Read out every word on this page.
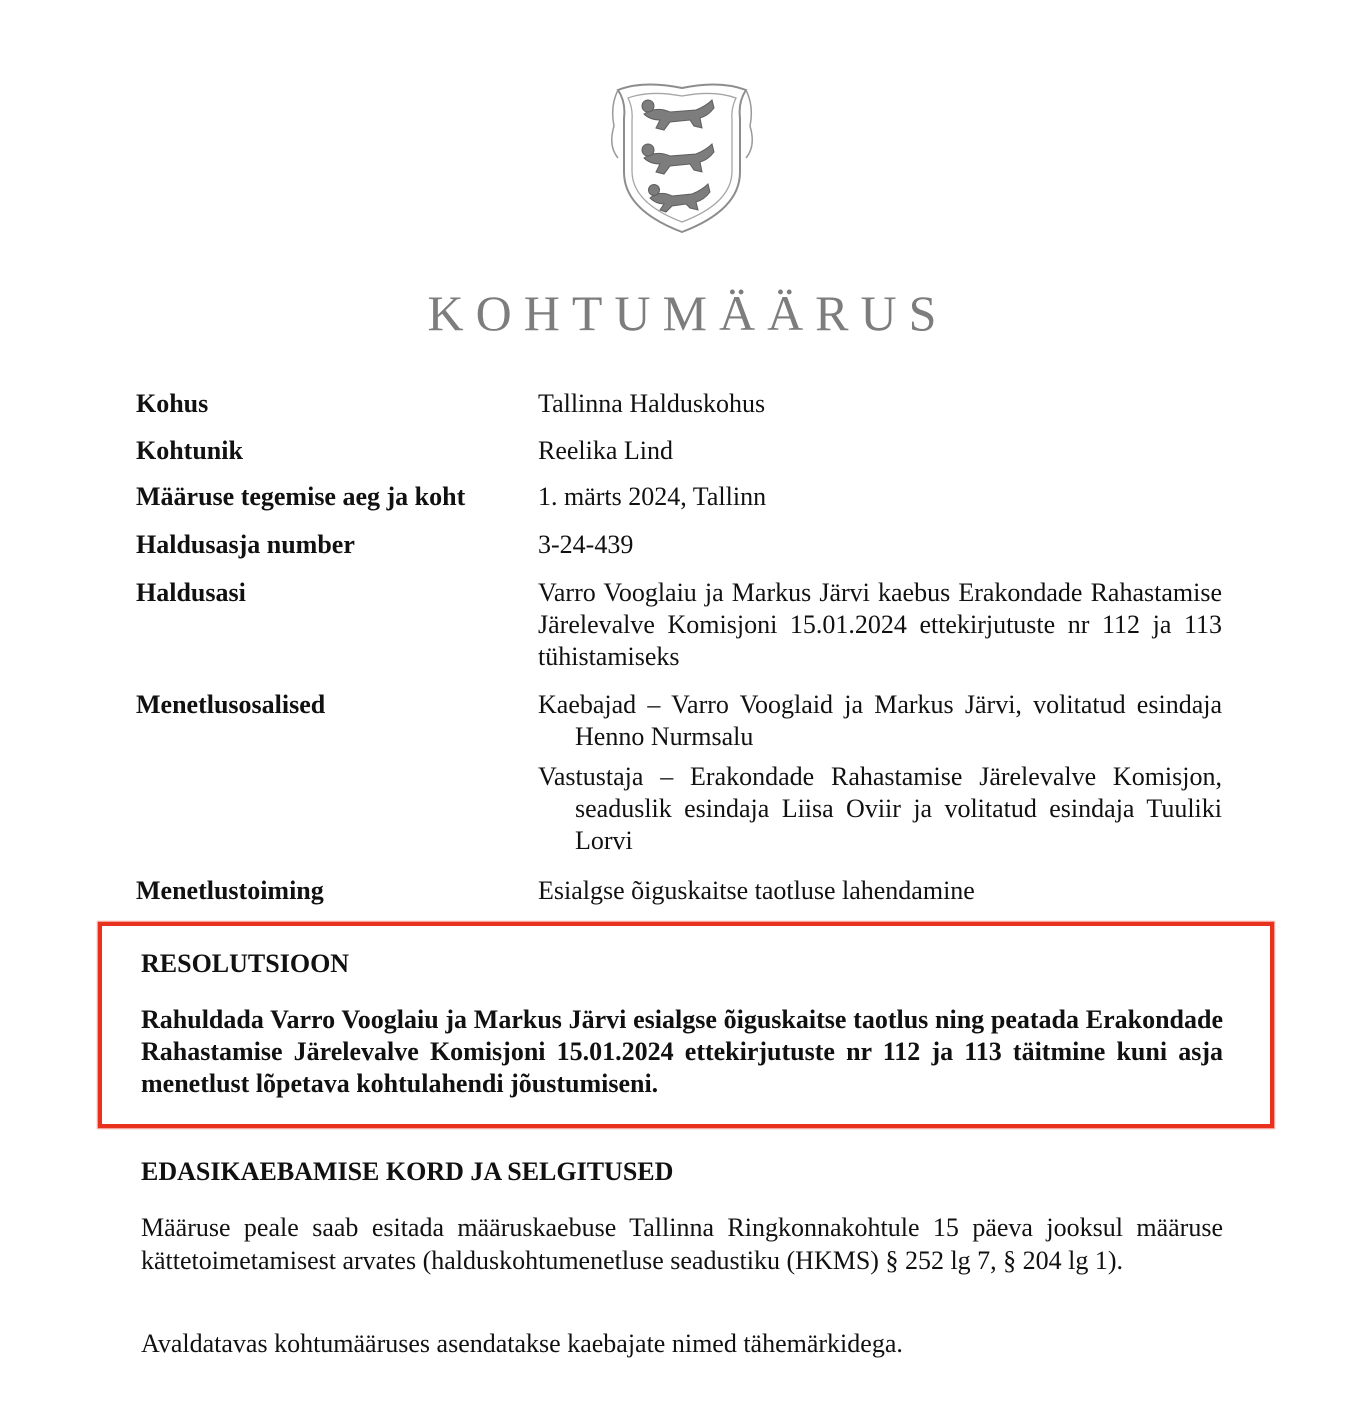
KOHTUMÄÄRUS
Kohus	Tallinna Halduskohus
Kohtunik	Reelika Lind
Määruse tegemise aeg ja koht	1. märts 2024, Tallinn
Haldusasja number	3-24-439
Haldusasi	Varro Vooglaiu ja Markus Järvi kaebus Erakondade Rahastamise Järelevalve Komisjoni 15.01.2024 ettekirjutuste nr 112 ja 113 tühistamiseks
Menetlusosalised	Kaebajad – Varro Vooglaid ja Markus Järvi, volitatud esindaja Henno Nurmsalu

Vastustaja – Erakondade Rahastamise Järelevalve Komisjon, seaduslik esindaja Liisa Oviir ja volitatud esindaja Tuuliki Lorvi

Menetlustoiming	Esialgse õiguskaitse taotluse lahendamine
RESOLUTSIOON
Rahuldada Varro Vooglaiu ja Markus Järvi esialgse õiguskaitse taotlus ning peatada Erakondade Rahastamise Järelevalve Komisjoni 15.01.2024 ettekirjutuste nr 112 ja 113 täitmine kuni asja menetlust lõpetava kohtulahendi jõustumiseni.
EDASIKAEBAMISE KORD JA SELGITUSED
Määruse peale saab esitada määruskaebuse Tallinna Ringkonnakohtule 15 päeva jooksul määruse kättetoimetamisest arvates (halduskohtumenetluse seadustiku (HKMS) § 252 lg 7, § 204 lg 1).
Avaldatavas kohtumääruses asendatakse kaebajate nimed tähemärkidega.
